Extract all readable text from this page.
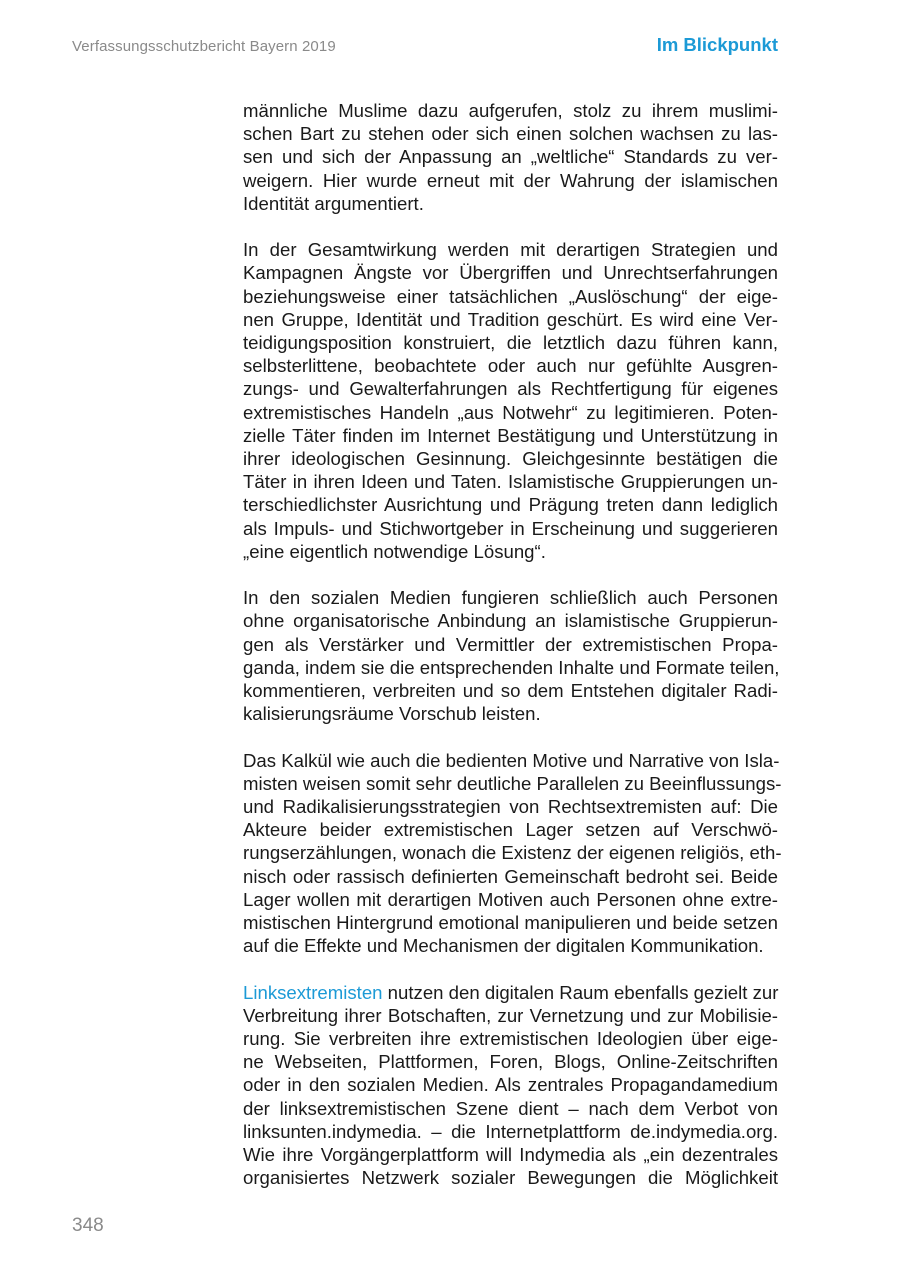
Verfassungsschutzbericht Bayern 2019	Im Blickpunkt

männliche Muslime dazu aufgerufen, stolz zu ihrem muslimi-
schen Bart zu stehen oder sich einen solchen wachsen zu las-
sen und sich der Anpassung an „weltliche“ Standards zu ver-
weigern. Hier wurde erneut mit der Wahrung der islamischen
Identität argumentiert.

In der Gesamtwirkung werden mit derartigen Strategien und
Kampagnen Ängste vor Übergriffen und Unrechtserfahrungen
beziehungsweise einer tatsächlichen „Auslöschung“ der eige-
nen Gruppe, Identität und Tradition geschürt. Es wird eine Ver-
teidigungsposition konstruiert, die letztlich dazu führen kann,
selbsterlittene, beobachtete oder auch nur gefühlte Ausgren-
zungs- und Gewalterfahrungen als Rechtfertigung für eigenes
extremistisches Handeln „aus Notwehr“ zu legitimieren. Poten-
zielle Täter finden im Internet Bestätigung und Unterstützung in
ihrer ideologischen Gesinnung. Gleichgesinnte bestätigen die
Täter in ihren Ideen und Taten. Islamistische Gruppierungen un-
terschiedlichster Ausrichtung und Prägung treten dann lediglich
als Impuls- und Stichwortgeber in Erscheinung und suggerieren
„eine eigentlich notwendige Lösung“.

In den sozialen Medien fungieren schließlich auch Personen
ohne organisatorische Anbindung an islamistische Gruppierun-
gen als Verstärker und Vermittler der extremistischen Propa-
ganda, indem sie die entsprechenden Inhalte und Formate teilen,
kommentieren, verbreiten und so dem Entstehen digitaler Radi-
kalisierungsräume Vorschub leisten.

Das Kalkül wie auch die bedienten Motive und Narrative von Isla-
misten weisen somit sehr deutliche Parallelen zu Beeinflussungs-
und Radikalisierungsstrategien von Rechtsextremisten auf: Die
Akteure beider extremistischen Lager setzen auf Verschwö-
rungserzählungen, wonach die Existenz der eigenen religiös, eth-
nisch oder rassisch definierten Gemeinschaft bedroht sei. Beide
Lager wollen mit derartigen Motiven auch Personen ohne extre-
mistischen Hintergrund emotional manipulieren und beide setzen
auf die Effekte und Mechanismen der digitalen Kommunikation.

Linksextremisten nutzen den digitalen Raum ebenfalls gezielt zur
Verbreitung ihrer Botschaften, zur Vernetzung und zur Mobilisie-
rung. Sie verbreiten ihre extremistischen Ideologien über eige-
ne Webseiten, Plattformen, Foren, Blogs, Online-Zeitschriften
oder in den sozialen Medien. Als zentrales Propagandamedium
der linksextremistischen Szene dient – nach dem Verbot von
linksunten.indymedia. – die Internetplattform de.indymedia.org.
Wie ihre Vorgängerplattform will Indymedia als „ein dezentrales
organisiertes Netzwerk sozialer Bewegungen die Möglichkeit

348
